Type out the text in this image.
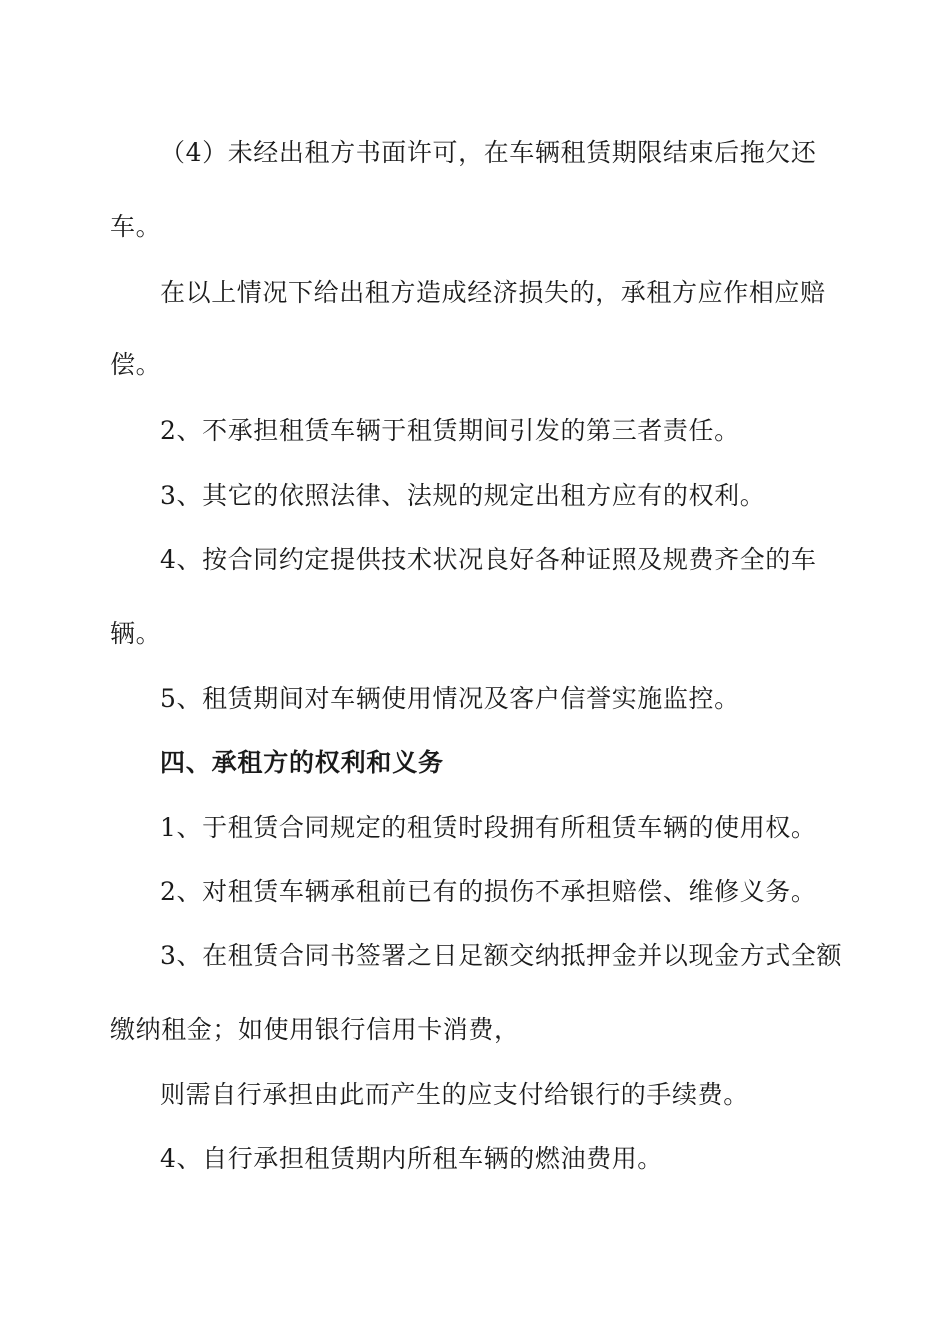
（4）未经出租方书面许可，在车辆租赁期限结束后拖欠还
车。
在以上情况下给出租方造成经济损失的，承租方应作相应赔
偿。
2、不承担租赁车辆于租赁期间引发的第三者责任。
3、其它的依照法律、法规的规定出租方应有的权利。
4、按合同约定提供技术状况良好各种证照及规费齐全的车
辆。
5、租赁期间对车辆使用情况及客户信誉实施监控。
四、承租方的权利和义务
1、于租赁合同规定的租赁时段拥有所租赁车辆的使用权。
2、对租赁车辆承租前已有的损伤不承担赔偿、维修义务。
3、在租赁合同书签署之日足额交纳抵押金并以现金方式全额
缴纳租金；如使用银行信用卡消费，
则需自行承担由此而产生的应支付给银行的手续费。
4、自行承担租赁期内所租车辆的燃油费用。
